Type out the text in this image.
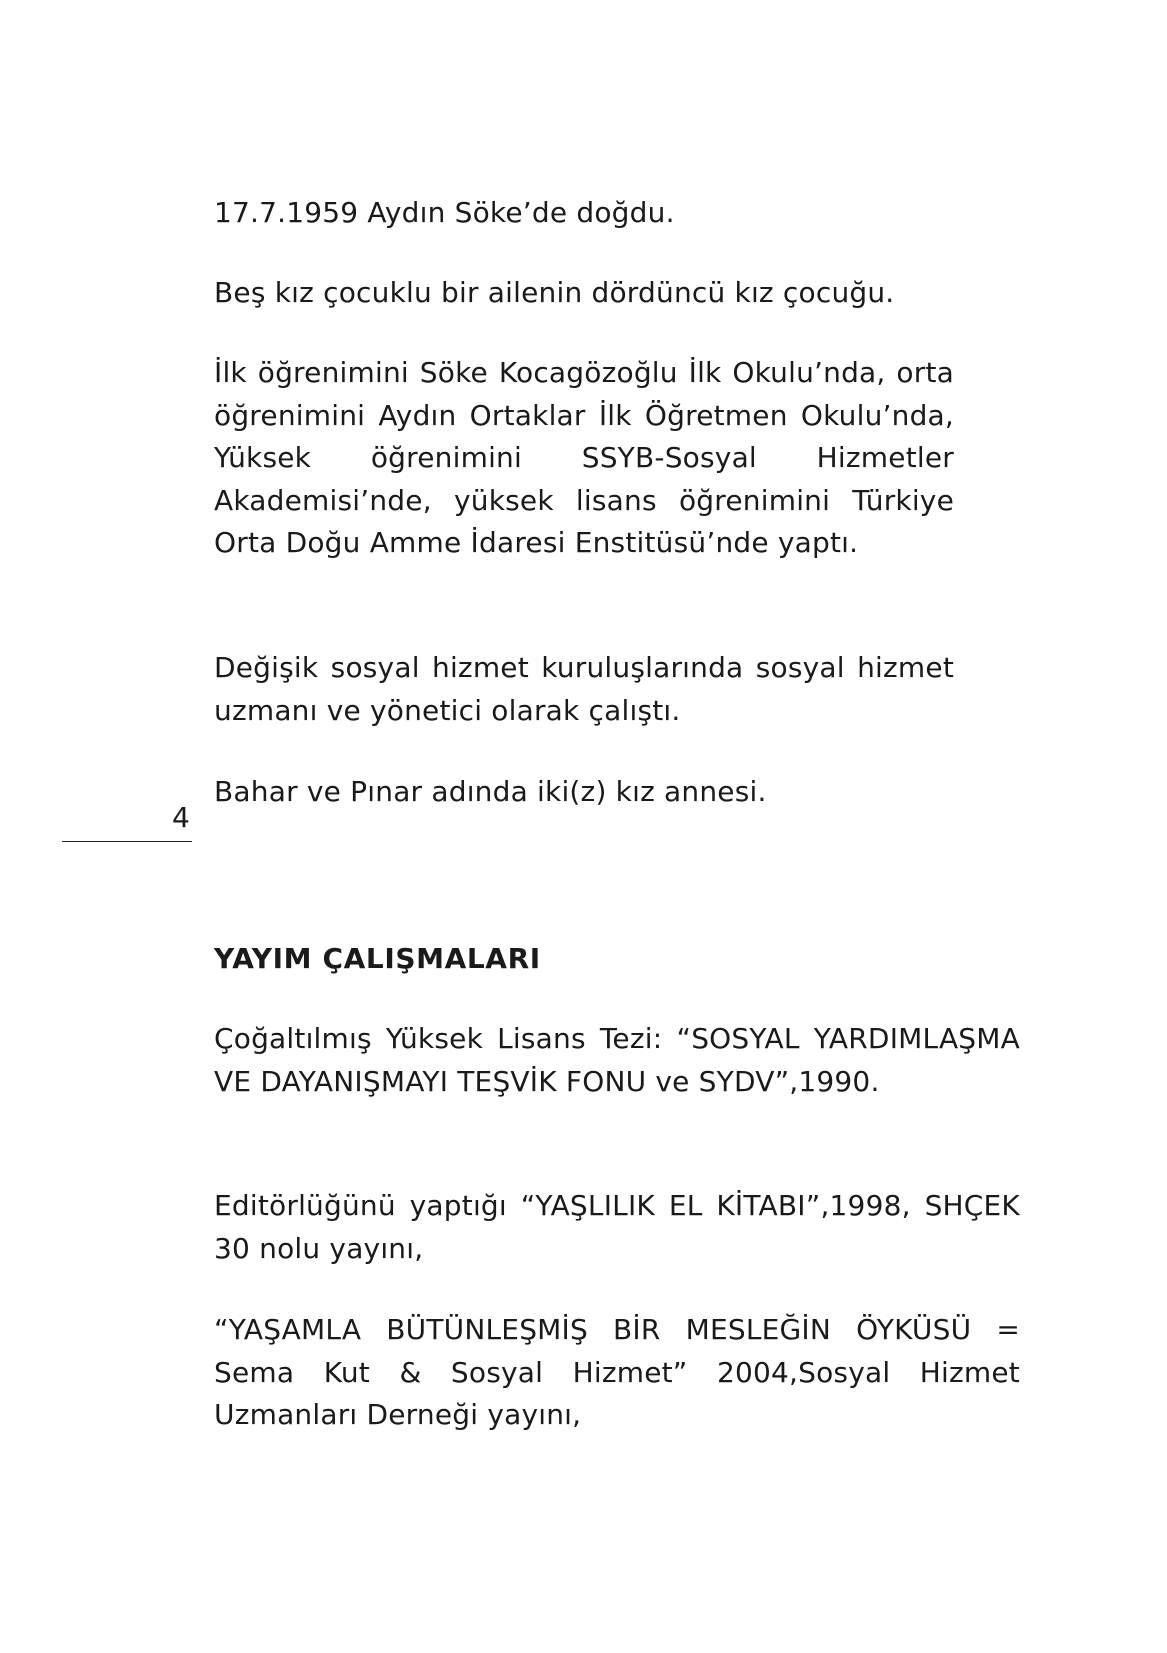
17.7.1959 Aydın Söke’de doğdu.

Beş kız çocuklu bir ailenin dördüncü kız çocuğu.

İlk öğrenimini Söke Kocagözoğlu İlk Okulu’nda, orta öğrenimini Aydın Ortaklar İlk Öğretmen Okulu’nda, Yüksek öğrenimini SSYB-Sosyal Hizmetler Akademisi’nde, yüksek lisans öğrenimini Türkiye Orta Doğu Amme İdaresi Enstitüsü’nde yaptı.

Değişik sosyal hizmet kuruluşlarında sosyal hizmet uzmanı ve yönetici olarak çalıştı.

Bahar ve Pınar adında iki(z) kız annesi.

4
YAYIM ÇALIŞMALARI

Çoğaltılmış Yüksek Lisans Tezi: “SOSYAL YARDIMLAŞMA VE DAYANIŞMAYI TEŞVİK FONU ve SYDV”,1990.

Editörlüğünü yaptığı “YAŞLILIK EL KİTABI”,1998, SHÇEK 30 nolu yayını,

“YAŞAMLA BÜTÜNLEŞMİŞ BİR MESLEĞİN ÖYKÜSÜ = Sema Kut & Sosyal Hizmet” 2004,Sosyal Hizmet Uzmanları Derneği yayını,
